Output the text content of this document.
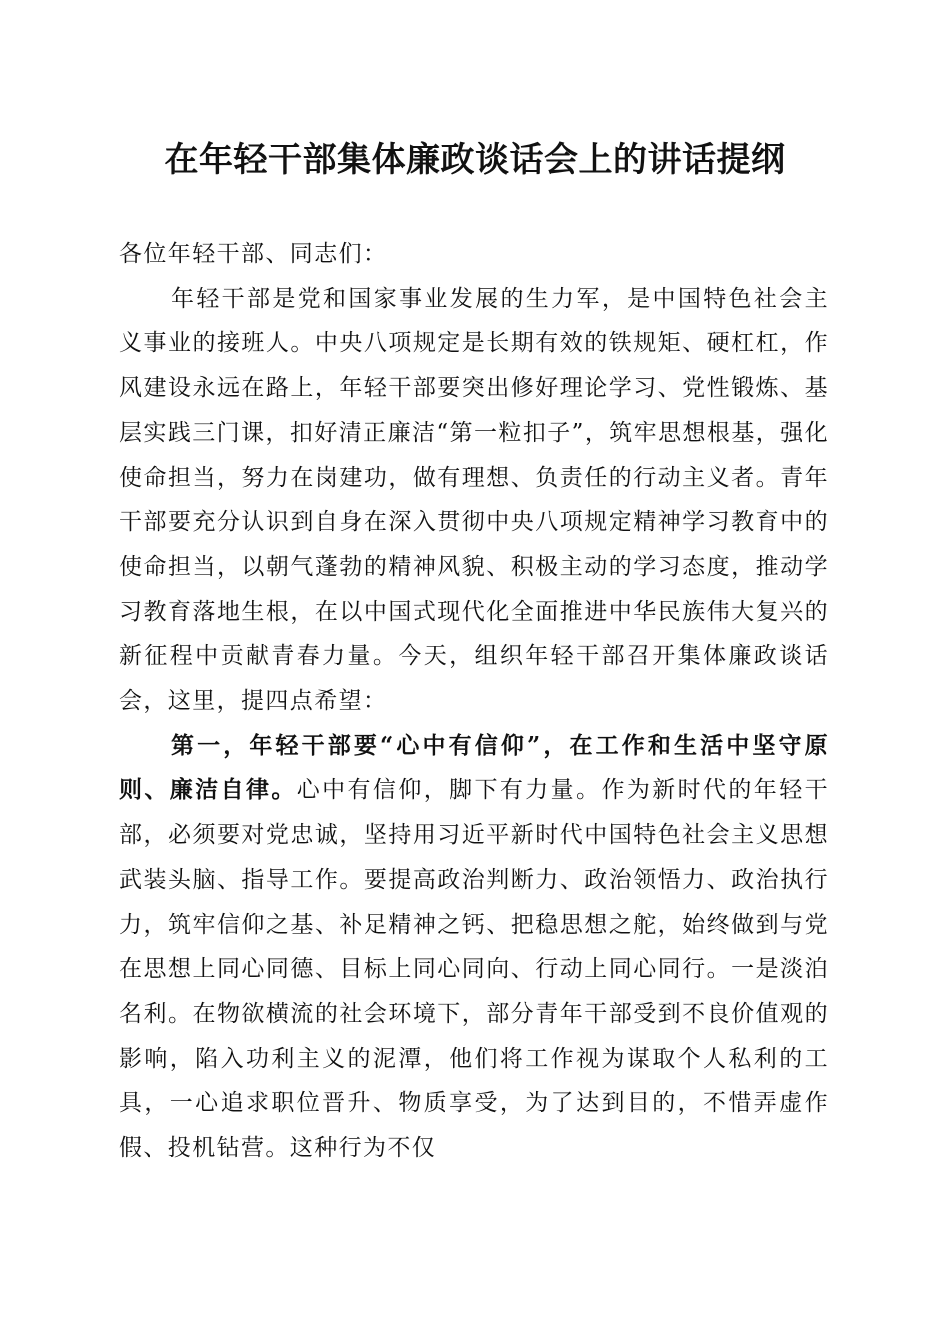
在年轻干部集体廉政谈话会上的讲话提纲

各位年轻干部、同志们：

年轻干部是党和国家事业发展的生力军，是中国特色社会主义事业的接班人。中央八项规定是长期有效的铁规矩、硬杠杠，作风建设永远在路上，年轻干部要突出修好理论学习、党性锻炼、基层实践三门课，扣好清正廉洁“第一粒扣子”，筑牢思想根基，强化使命担当，努力在岗建功，做有理想、负责任的行动主义者。青年干部要充分认识到自身在深入贯彻中央八项规定精神学习教育中的使命担当，以朝气蓬勃的精神风貌、积极主动的学习态度，推动学习教育落地生根，在以中国式现代化全面推进中华民族伟大复兴的新征程中贡献青春力量。今天，组织年轻干部召开集体廉政谈话会，这里，提四点希望：

第一，年轻干部要“心中有信仰”，在工作和生活中坚守原则、廉洁自律。心中有信仰，脚下有力量。作为新时代的年轻干部，必须要对党忠诚，坚持用习近平新时代中国特色社会主义思想武装头脑、指导工作。要提高政治判断力、政治领悟力、政治执行力，筑牢信仰之基、补足精神之钙、把稳思想之舵，始终做到与党在思想上同心同德、目标上同心同向、行动上同心同行。一是淡泊名利。在物欲横流的社会环境下，部分青年干部受到不良价值观的影响，陷入功利主义的泥潭，他们将工作视为谋取个人私利的工具，一心追求职位晋升、物质享受，为了达到目的，不惜弄虚作假、投机钻营。这种行为不仅
